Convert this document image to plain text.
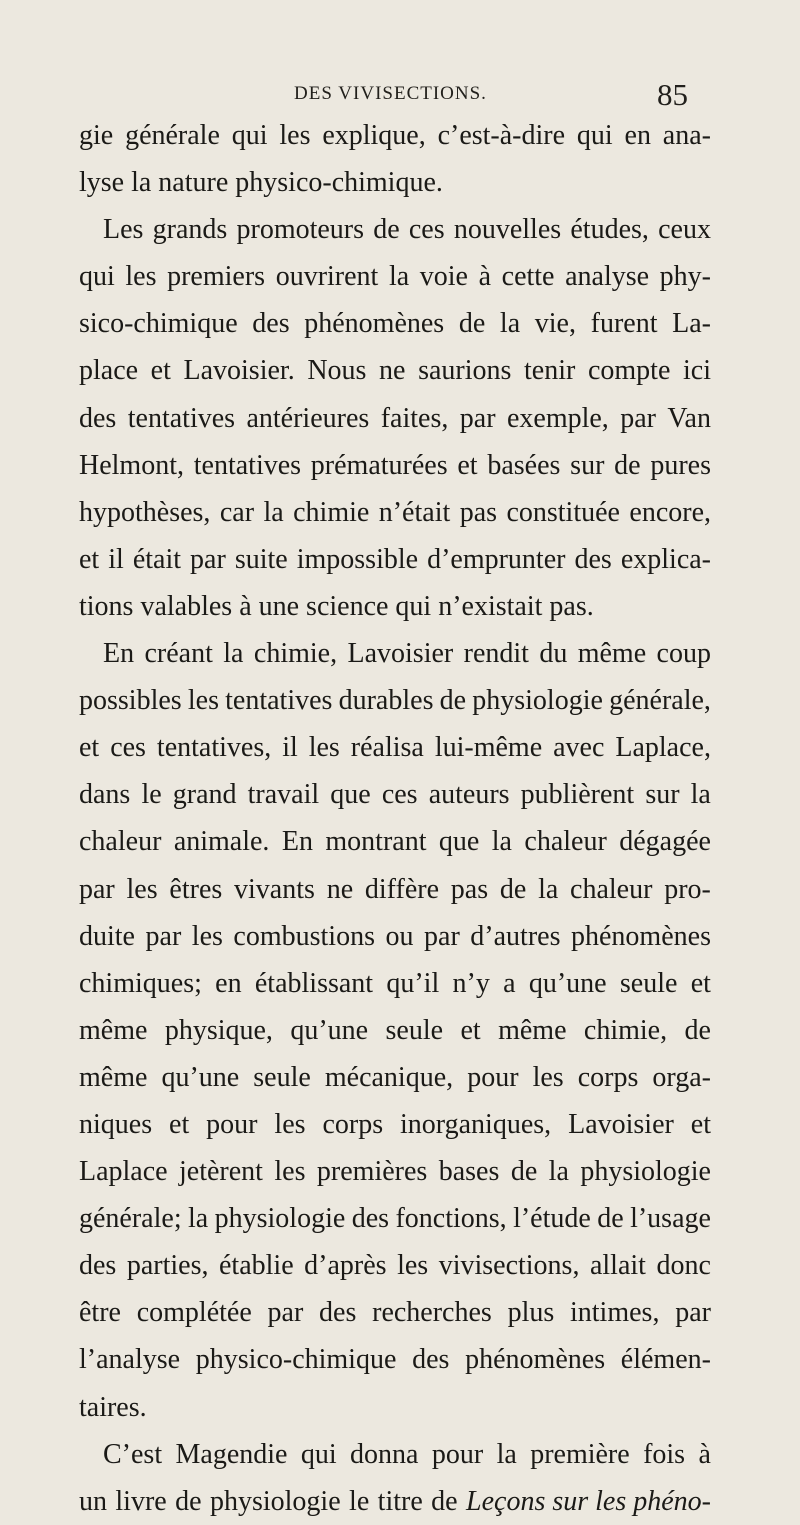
DES VIVISECTIONS.	85
gie générale qui les explique, c’est-à-dire qui en ana-
lyse la nature physico-chimique.
Les grands promoteurs de ces nouvelles études, ceux
qui les premiers ouvrirent la voie à cette analyse phy-
sico-chimique des phénomènes de la vie, furent La-
place et Lavoisier. Nous ne saurions tenir compte ici
des tentatives antérieures faites, par exemple, par Van
Helmont, tentatives prématurées et basées sur de pures
hypothèses, car la chimie n’était pas constituée encore,
et il était par suite impossible d’emprunter des explica-
tions valables à une science qui n’existait pas.
En créant la chimie, Lavoisier rendit du même coup
possibles les tentatives durables de physiologie générale,
et ces tentatives, il les réalisa lui-même avec Laplace,
dans le grand travail que ces auteurs publièrent sur la
chaleur animale. En montrant que la chaleur dégagée
par les êtres vivants ne diffère pas de la chaleur pro-
duite par les combustions ou par d’autres phénomènes
chimiques; en établissant qu’il n’y a qu’une seule et
même physique, qu’une seule et même chimie, de
même qu’une seule mécanique, pour les corps orga-
niques et pour les corps inorganiques, Lavoisier et
Laplace jetèrent les premières bases de la physiologie
générale; la physiologie des fonctions, l’étude de l’usage
des parties, établie d’après les vivisections, allait donc
être complétée par des recherches plus intimes, par
l’analyse physico-chimique des phénomènes élémen-
taires.
C’est Magendie qui donna pour la première fois à
un livre de physiologie le titre de Leçons sur les phéno-
